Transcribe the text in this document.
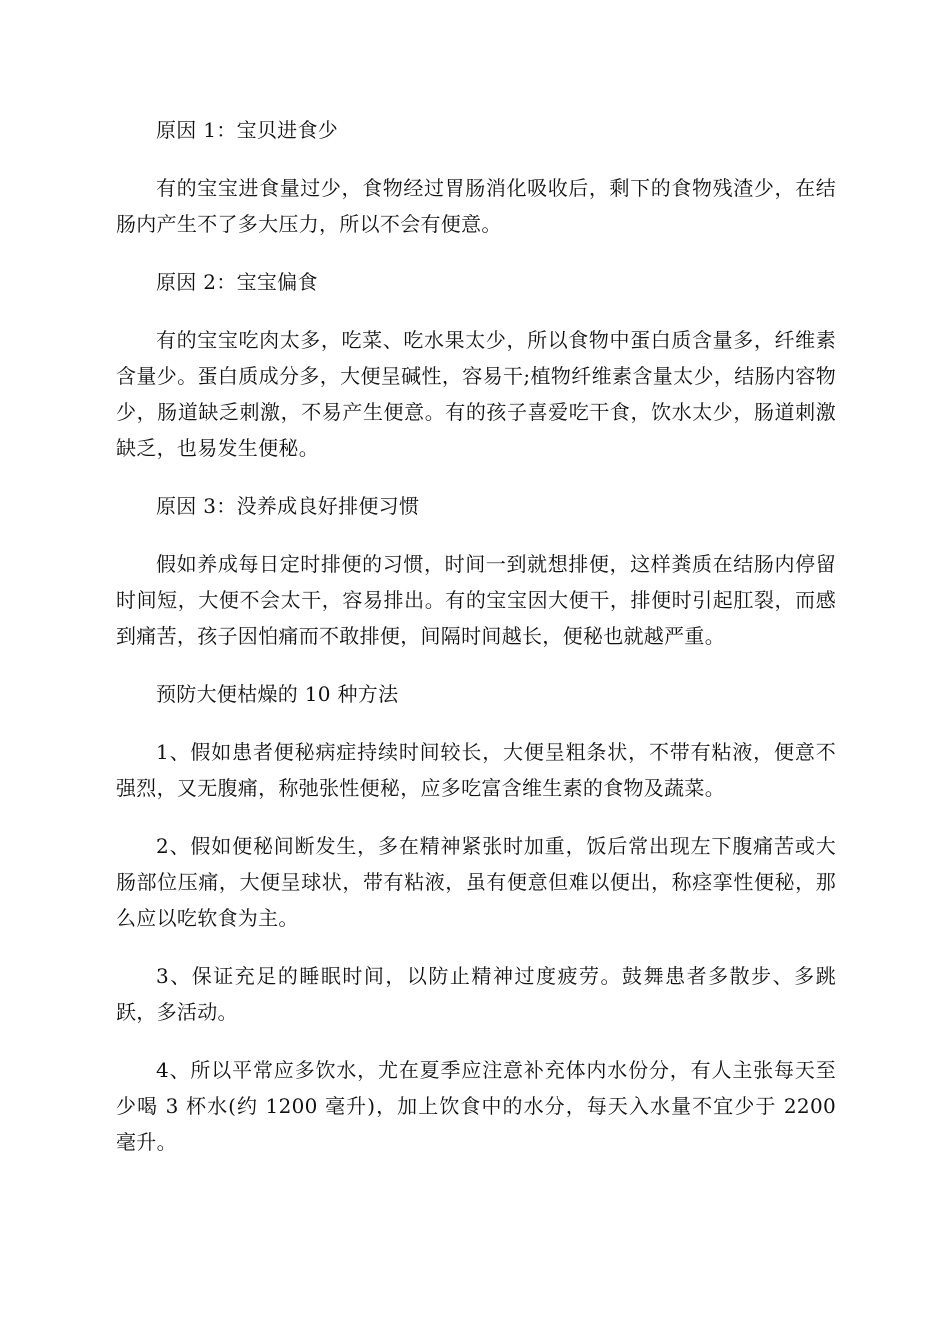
原因 1：宝贝进食少

有的宝宝进食量过少，食物经过胃肠消化吸收后，剩下的食物残渣少，在结肠内产生不了多大压力，所以不会有便意。

原因 2：宝宝偏食

有的宝宝吃肉太多，吃菜、吃水果太少，所以食物中蛋白质含量多，纤维素含量少。蛋白质成分多，大便呈碱性，容易干;植物纤维素含量太少，结肠内容物少，肠道缺乏刺激，不易产生便意。有的孩子喜爱吃干食，饮水太少，肠道刺激缺乏，也易发生便秘。

原因 3：没养成良好排便习惯

假如养成每日定时排便的习惯，时间一到就想排便，这样粪质在结肠内停留时间短，大便不会太干，容易排出。有的宝宝因大便干，排便时引起肛裂，而感到痛苦，孩子因怕痛而不敢排便，间隔时间越长，便秘也就越严重。

预防大便枯燥的 10 种方法

1、假如患者便秘病症持续时间较长，大便呈粗条状，不带有粘液，便意不强烈，又无腹痛，称弛张性便秘，应多吃富含维生素的食物及蔬菜。

2、假如便秘间断发生，多在精神紧张时加重，饭后常出现左下腹痛苦或大肠部位压痛，大便呈球状，带有粘液，虽有便意但难以便出，称痉挛性便秘，那么应以吃软食为主。

3、保证充足的睡眠时间，以防止精神过度疲劳。鼓舞患者多散步、多跳跃，多活动。

4、所以平常应多饮水，尤在夏季应注意补充体内水份分，有人主张每天至少喝 3 杯水(约 1200 毫升)，加上饮食中的水分，每天入水量不宜少于 2200 毫升。
